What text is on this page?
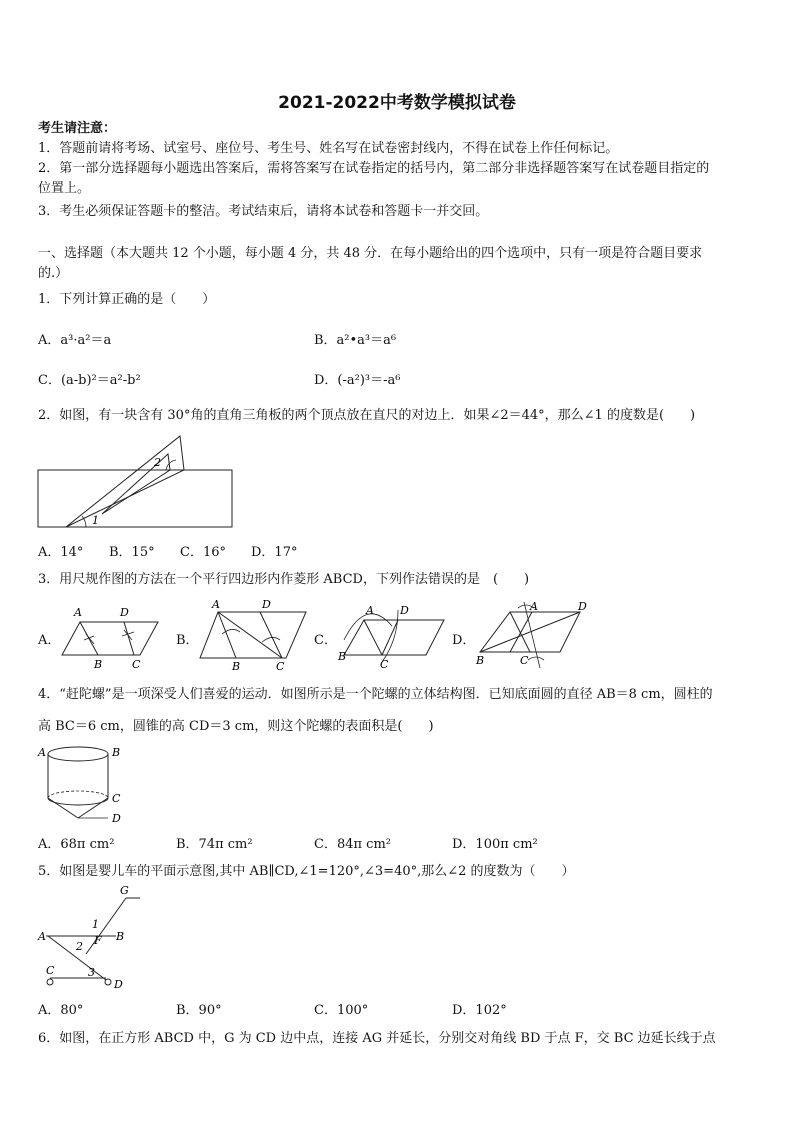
2021-2022中考数学模拟试卷
考生请注意：
1．答题前请将考场、试室号、座位号、考生号、姓名写在试卷密封线内，不得在试卷上作任何标记。
2．第一部分选择题每小题选出答案后，需将答案写在试卷指定的括号内，第二部分非选择题答案写在试卷题目指定的
位置上。
3．考生必须保证答题卡的整洁。考试结束后，请将本试卷和答题卡一并交回。
一、选择题（本大题共 12 个小题，每小题 4 分，共 48 分．在每小题给出的四个选项中，只有一项是符合题目要求
的.）
1．下列计算正确的是（　　）
A．a³·a²＝a	B．a²•a³＝a⁶
C．(a-b)²＝a²-b²	D．(-a²)³＝-a⁶
2．如图，有一块含有 30°角的直角三角板的两个顶点放在直尺的对边上．如果∠2＝44°，那么∠1 的度数是(　　)
2
1
A．14° B．15° C．16° D．17°
3．用尺规作图的方法在一个平行四边形内作菱形 ABCD，下列作法错误的是　(　　)
A．
A	D
B	C
B．
A	D
B	C
C．
A D
B
C
D．
A	D
B	C
4．“赶陀螺”是一项深受人们喜爱的运动．如图所示是一个陀螺的立体结构图．已知底面圆的直径 AB＝8 cm，圆柱的
高 BC＝6 cm，圆锥的高 CD＝3 cm，则这个陀螺的表面积是(　　)
A	B
C
D
A．68π cm²	B．74π cm²	C．84π cm²	D．100π cm²
5．如图是婴儿车的平面示意图,其中 AB∥CD,∠1=120°,∠3=40°,那么∠2 的度数为（　　）
G
1
A	F B
2
C	3
D
A．80°	B．90°	C．100°	D．102°
6．如图，在正方形 ABCD 中，G 为 CD 边中点，连接 AG 并延长，分别交对角线 BD 于点 F，交 BC 边延长线于点
